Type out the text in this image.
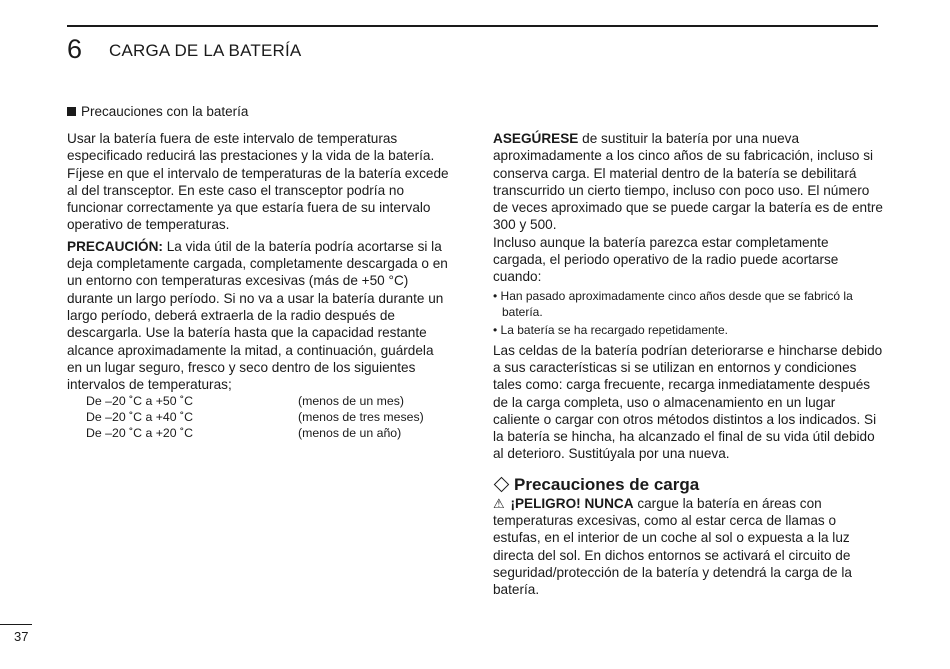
6 CARGA DE LA BATERÍA
Precauciones con la batería

Usar la batería fuera de este intervalo de temperaturas especificado reducirá las prestaciones y la vida de la batería. Fíjese en que el intervalo de temperaturas de la batería excede al del transceptor. En este caso el transceptor podría no funcionar correctamente ya que estaría fuera de su intervalo operativo de temperaturas.

PRECAUCIÓN: La vida útil de la batería podría acortarse si la deja completamente cargada, completamente descargada o en un entorno con temperaturas excesivas (más de +50 °C) durante un largo período. Si no va a usar la batería durante un largo período, deberá extraerla de la radio después de descargarla. Use la batería hasta que la capacidad restante alcance aproximadamente la mitad, a continuación, guárdela en un lugar seguro, fresco y seco dentro de los siguientes intervalos de temperaturas;

De –20 ˚C a +50 ˚C	(menos de un mes)
De –20 ˚C a +40 ˚C	(menos de tres meses)
De –20 ˚C a +20 ˚C	(menos de un año)

ASEGÚRESE de sustituir la batería por una nueva aproximadamente a los cinco años de su fabricación, incluso si conserva carga. El material dentro de la batería se debilitará transcurrido un cierto tiempo, incluso con poco uso. El número de veces aproximado que se puede cargar la batería es de entre 300 y 500.

Incluso aunque la batería parezca estar completamente cargada, el periodo operativo de la radio puede acortarse cuando:

• Han pasado aproximadamente cinco años desde que se fabricó la batería.

• La batería se ha recargado repetidamente.

Las celdas de la batería podrían deteriorarse e hincharse debido a sus características si se utilizan en entornos y condiciones tales como: carga frecuente, recarga inmediatamente después de la carga completa, uso o almacenamiento en un lugar caliente o cargar con otros métodos distintos a los indicados. Si la batería se hincha, ha alcanzado el final de su vida útil debido al deterioro. Sustitúyala por una nueva.

Precauciones de carga

⚠ ¡PELIGRO! NUNCA cargue la batería en áreas con temperaturas excesivas, como al estar cerca de llamas o estufas, en el interior de un coche al sol o expuesta a la luz directa del sol. En dichos entornos se activará el circuito de seguridad/protección de la batería y detendrá la carga de la batería.

37
